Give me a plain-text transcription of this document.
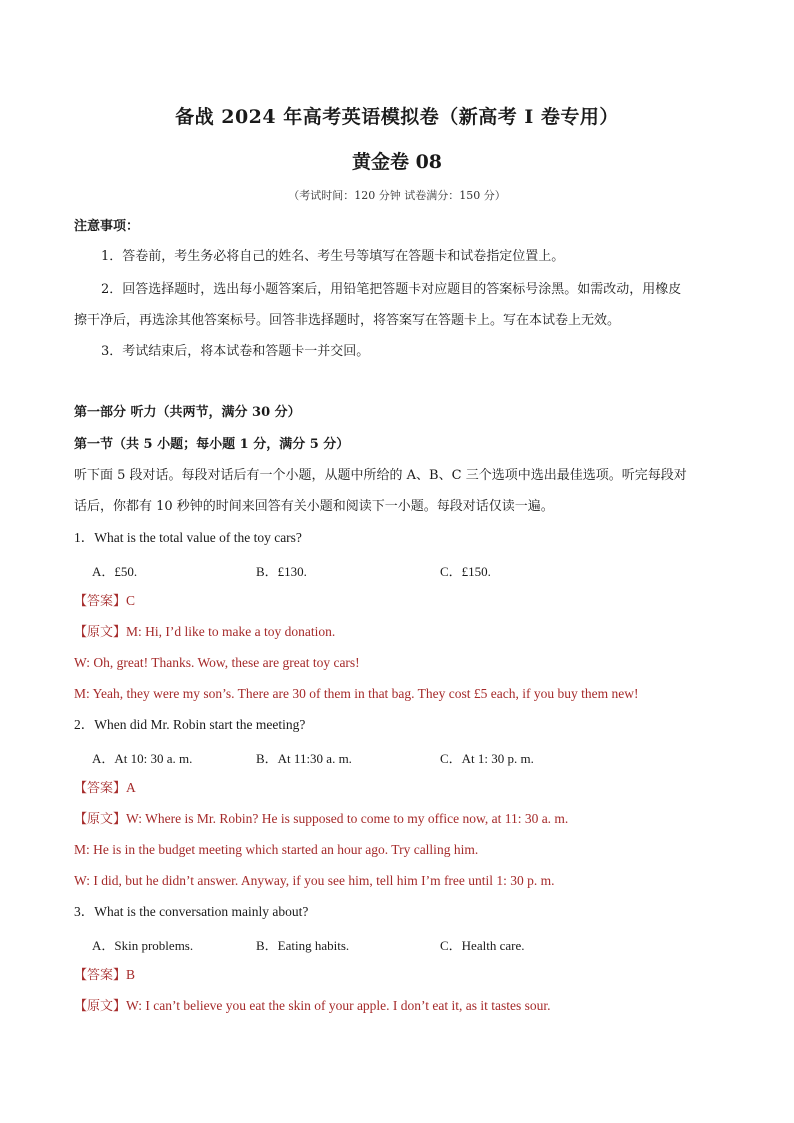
备战 2024 年高考英语模拟卷（新高考 I 卷专用）
黄金卷 08
（考试时间：120 分钟 试卷满分：150 分）
注意事项：
1．答卷前，考生务必将自己的姓名、考生号等填写在答题卡和试卷指定位置上。
2．回答选择题时，选出每小题答案后，用铅笔把答题卡对应题目的答案标号涂黑。如需改动，用橡皮
擦干净后，再选涂其他答案标号。回答非选择题时，将答案写在答题卡上。写在本试卷上无效。
3．考试结束后，将本试卷和答题卡一并交回。
第一部分 听力（共两节，满分 30 分）
第一节（共 5 小题；每小题 1 分，满分 5 分）
听下面 5 段对话。每段对话后有一个小题，从题中所给的 A、B、C 三个选项中选出最佳选项。听完每段对
话后，你都有 10 秒钟的时间来回答有关小题和阅读下一小题。每段对话仅读一遍。
1．What is the total value of the toy cars?
A．£50.	B．£130.	C．£150.
【答案】C
【原文】M: Hi, I’d like to make a toy donation.
W: Oh, great! Thanks. Wow, these are great toy cars!
M: Yeah, they were my son’s. There are 30 of them in that bag. They cost £5 each, if you buy them new!
2．When did Mr. Robin start the meeting?
A．At 10: 30 a. m.	B．At 11:30 a. m.	C．At 1: 30 p. m.
【答案】A
【原文】W: Where is Mr. Robin? He is supposed to come to my office now, at 11: 30 a. m.
M: He is in the budget meeting which started an hour ago. Try calling him.
W: I did, but he didn’t answer. Anyway, if you see him, tell him I’m free until 1: 30 p. m.
3．What is the conversation mainly about?
A．Skin problems.	B．Eating habits.	C．Health care.
【答案】B
【原文】W: I can’t believe you eat the skin of your apple. I don’t eat it, as it tastes sour.
